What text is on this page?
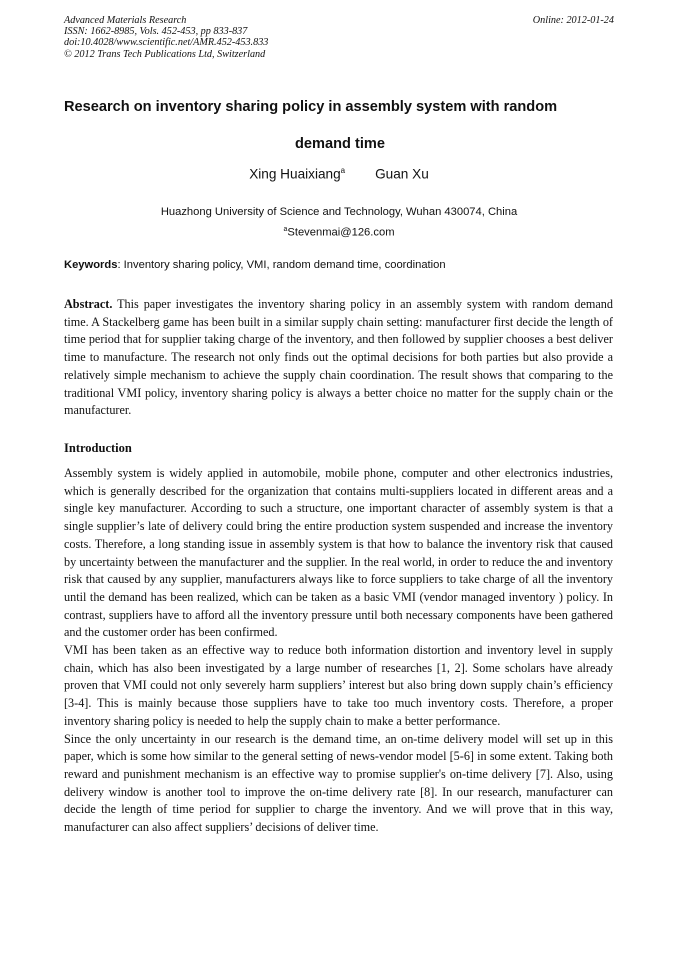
Advanced Materials Research
ISSN: 1662-8985, Vols. 452-453, pp 833-837
doi:10.4028/www.scientific.net/AMR.452-453.833
© 2012 Trans Tech Publications Ltd, Switzerland
Online: 2012-01-24
Research on inventory sharing policy in assembly system with random
demand time
Xing Huaixiang$^a$ Guan Xu
Huazhong University of Science and Technology, Wuhan 430074, China
$^a$Stevenmai@126.com
Keywords: Inventory sharing policy, VMI, random demand time, coordination
Abstract. This paper investigates the inventory sharing policy in an assembly system with random demand time. A Stackelberg game has been built in a similar supply chain setting: manufacturer first decide the length of time period that for supplier taking charge of the inventory, and then followed by supplier chooses a best deliver time to manufacture. The research not only finds out the optimal decisions for both parties but also provide a relatively simple mechanism to achieve the supply chain coordination. The result shows that comparing to the traditional VMI policy, inventory sharing policy is always a better choice no matter for the supply chain or the manufacturer.
Introduction

Assembly system is widely applied in automobile, mobile phone, computer and other electronics industries, which is generally described for the organization that contains multi-suppliers located in different areas and a single key manufacturer. According to such a structure, one important character of assembly system is that a single supplier’s late of delivery could bring the entire production system suspended and increase the inventory costs. Therefore, a long standing issue in assembly system is that how to balance the inventory risk that caused by uncertainty between the manufacturer and the supplier. In the real world, in order to reduce the and inventory risk that caused by any supplier, manufacturers always like to force suppliers to take charge of all the inventory until the demand has been realized, which can be taken as a basic VMI (vendor managed inventory ) policy. In contrast, suppliers have to afford all the inventory pressure until both necessary components have been gathered and the customer order has been confirmed.

VMI has been taken as an effective way to reduce both information distortion and inventory level in supply chain, which has also been investigated by a large number of researches [1, 2]. Some scholars have already proven that VMI could not only severely harm suppliers’ interest but also bring down supply chain’s efficiency [3-4]. This is mainly because those suppliers have to take too much inventory costs. Therefore, a proper inventory sharing policy is needed to help the supply chain to make a better performance.

Since the only uncertainty in our research is the demand time, an on-time delivery model will set up in this paper, which is some how similar to the general setting of news-vendor model [5-6] in some extent. Taking both reward and punishment mechanism is an effective way to promise supplier's on-time delivery [7]. Also, using delivery window is another tool to improve the on-time delivery rate [8]. In our research, manufacturer can decide the length of time period for supplier to charge the inventory. And we will prove that in this way, manufacturer can also affect suppliers’ decisions of deliver time.
